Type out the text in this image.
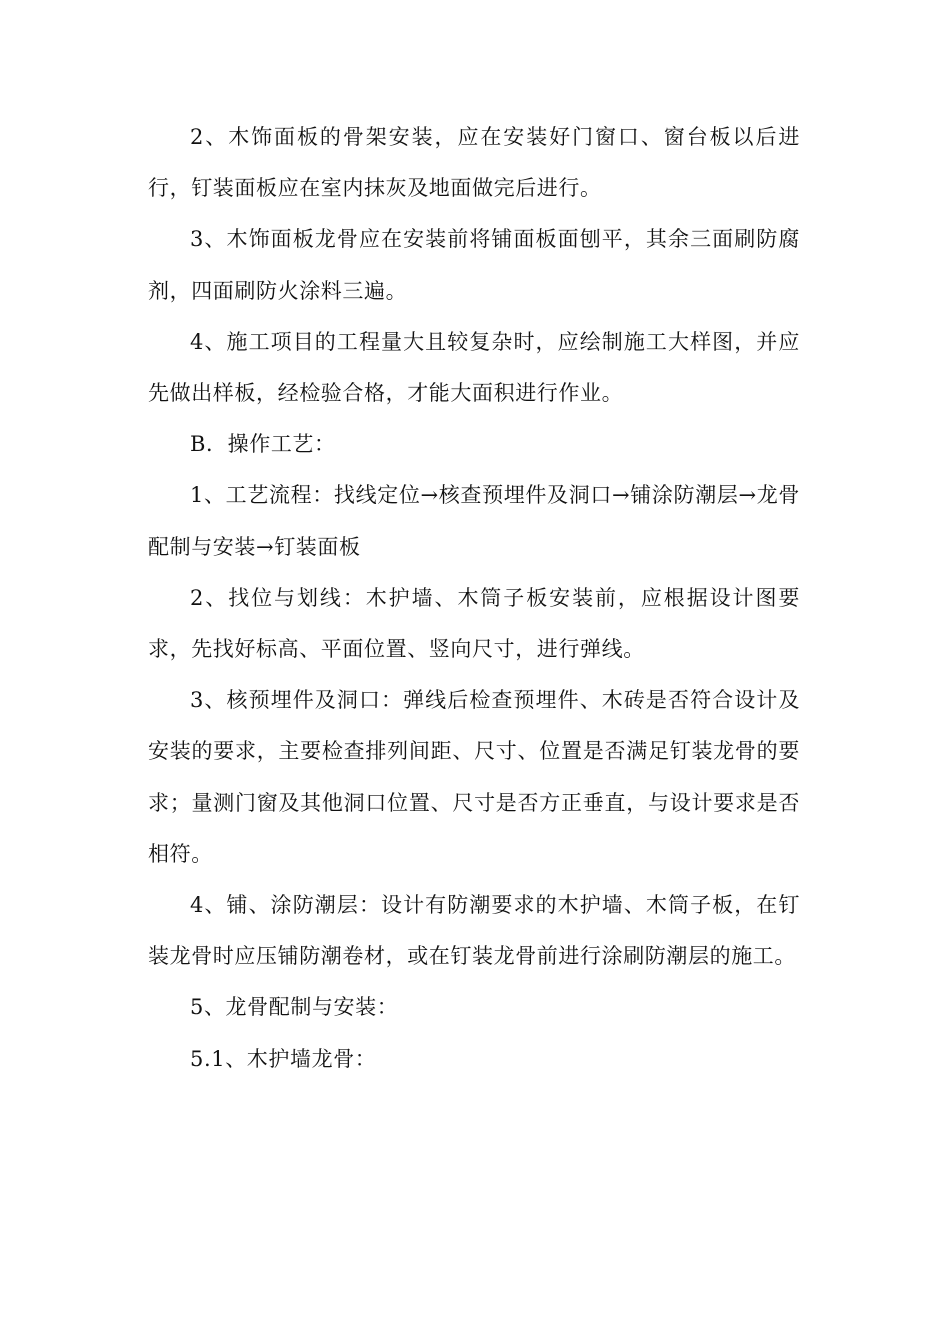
2、木饰面板的骨架安装，应在安装好门窗口、窗台板以后进行，钉装面板应在室内抹灰及地面做完后进行。

3、木饰面板龙骨应在安装前将铺面板面刨平，其余三面刷防腐剂，四面刷防火涂料三遍。

4、施工项目的工程量大且较复杂时，应绘制施工大样图，并应先做出样板，经检验合格，才能大面积进行作业。

B．操作工艺：

1、工艺流程：找线定位→核查预埋件及洞口→铺涂防潮层→龙骨配制与安装→钉装面板

2、找位与划线：木护墙、木筒子板安装前，应根据设计图要求，先找好标高、平面位置、竖向尺寸，进行弹线。

3、核预埋件及洞口：弹线后检查预埋件、木砖是否符合设计及安装的要求，主要检查排列间距、尺寸、位置是否满足钉装龙骨的要求；量测门窗及其他洞口位置、尺寸是否方正垂直，与设计要求是否相符。

4、铺、涂防潮层：设计有防潮要求的木护墙、木筒子板，在钉装龙骨时应压铺防潮卷材，或在钉装龙骨前进行涂刷防潮层的施工。

5、龙骨配制与安装：

5.1、木护墙龙骨：
